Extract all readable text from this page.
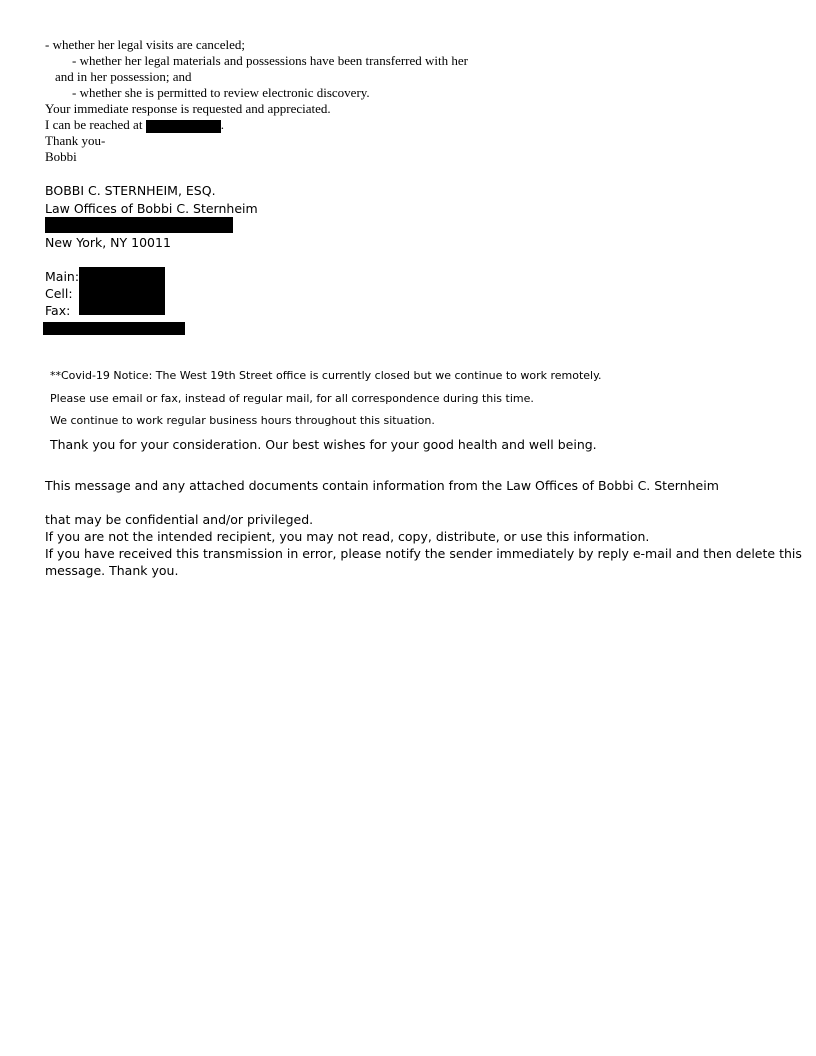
- whether her legal visits are canceled;
- whether her legal materials and possessions have been transferred with her
and in her possession; and
- whether she is permitted to review electronic discovery.
Your immediate response is requested and appreciated.
I can be reached at	.
Thank you-
Bobbi
BOBBI C. STERNHEIM, ESQ.
Law Offices of Bobbi C. Sternheim
New York, NY 10011
Main:
Cell:
Fax:
**Covid-19 Notice: The West 19th Street office is currently closed but we continue to work remotely.
Please use email or fax, instead of regular mail, for all correspondence during this time.
We continue to work regular business hours throughout this situation.
Thank you for your consideration. Our best wishes for your good health and well being.
This message and any attached documents contain information from the Law Offices of Bobbi C. Sternheim
that may be confidential and/or privileged.
If you are not the intended recipient, you may not read, copy, distribute, or use this information.
If you have received this transmission in error, please notify the sender immediately by reply e-mail and then delete this
message. Thank you.
